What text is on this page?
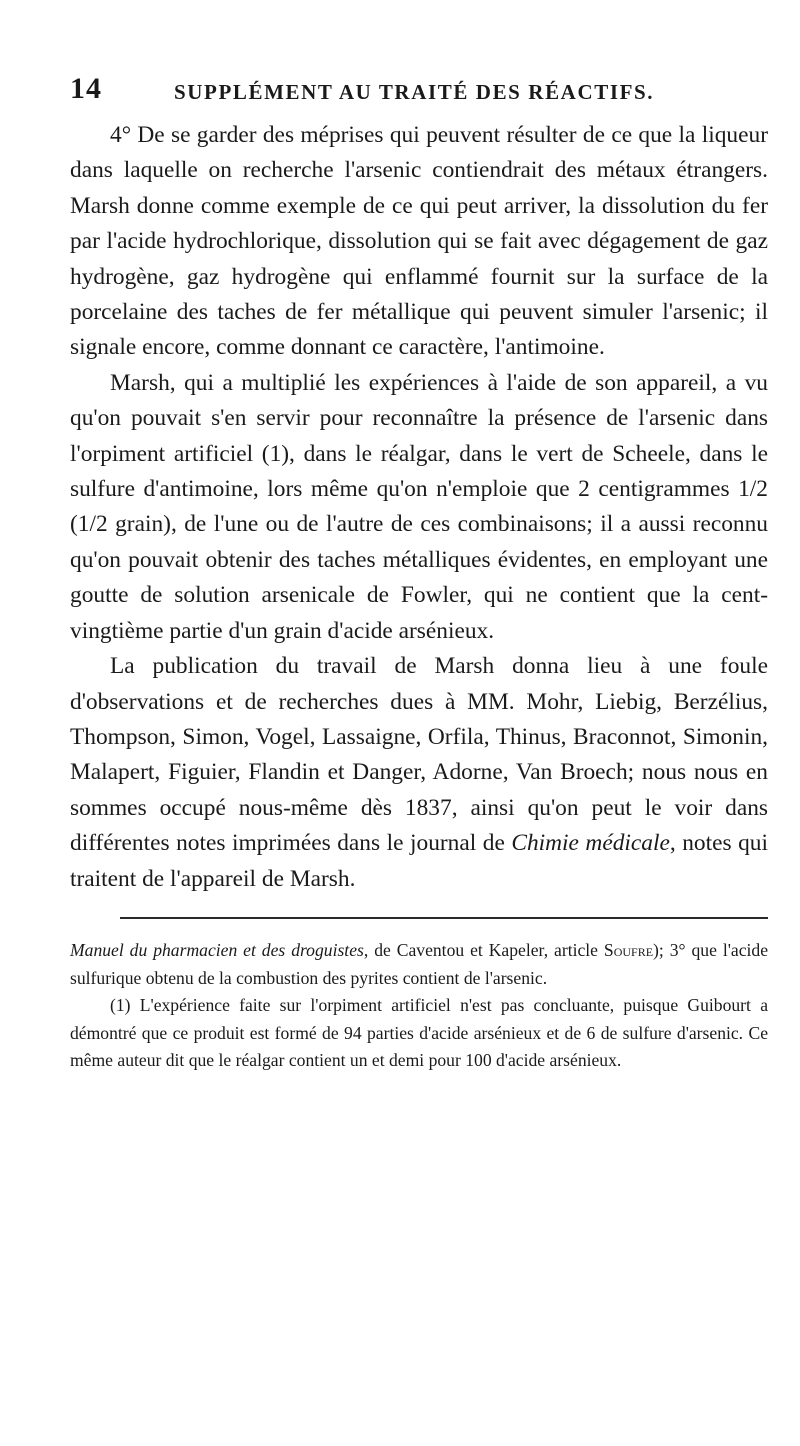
14	SUPPLÉMENT AU TRAITÉ DES RÉACTIFS.

4° De se garder des méprises qui peuvent résulter de ce que la liqueur dans laquelle on recherche l'arsenic contiendrait des métaux étrangers. Marsh donne comme exemple de ce qui peut arriver, la dissolution du fer par l'acide hydrochlorique, dissolution qui se fait avec dégagement de gaz hydrogène, gaz hydrogène qui enflammé fournit sur la surface de la porcelaine des taches de fer métallique qui peuvent simuler l'arsenic; il signale encore, comme donnant ce caractère, l'antimoine.

Marsh, qui a multiplié les expériences à l'aide de son appareil, a vu qu'on pouvait s'en servir pour reconnaître la présence de l'arsenic dans l'orpiment artificiel (1), dans le réalgar, dans le vert de Scheele, dans le sulfure d'antimoine, lors même qu'on n'emploie que 2 centigrammes 1/2 (1/2 grain), de l'une ou de l'autre de ces combinaisons; il a aussi reconnu qu'on pouvait obtenir des taches métalliques évidentes, en employant une goutte de solution arsenicale de Fowler, qui ne contient que la cent-vingtième partie d'un grain d'acide arsénieux.

La publication du travail de Marsh donna lieu à une foule d'observations et de recherches dues à MM. Mohr, Liebig, Berzélius, Thompson, Simon, Vogel, Lassaigne, Orfila, Thinus, Braconnot, Simonin, Malapert, Figuier, Flandin et Danger, Adorne, Van Broech; nous nous en sommes occupé nous-même dès 1837, ainsi qu'on peut le voir dans différentes notes imprimées dans le journal de Chimie médicale, notes qui traitent de l'appareil de Marsh.

Manuel du pharmacien et des droguistes, de Caventou et Kapeler, article Soufre); 3° que l'acide sulfurique obtenu de la combustion des pyrites contient de l'arsenic.

(1) L'expérience faite sur l'orpiment artificiel n'est pas concluante, puisque Guibourt a démontré que ce produit est formé de 94 parties d'acide arsénieux et de 6 de sulfure d'arsenic. Ce même auteur dit que le réalgar contient un et demi pour 100 d'acide arsénieux.
